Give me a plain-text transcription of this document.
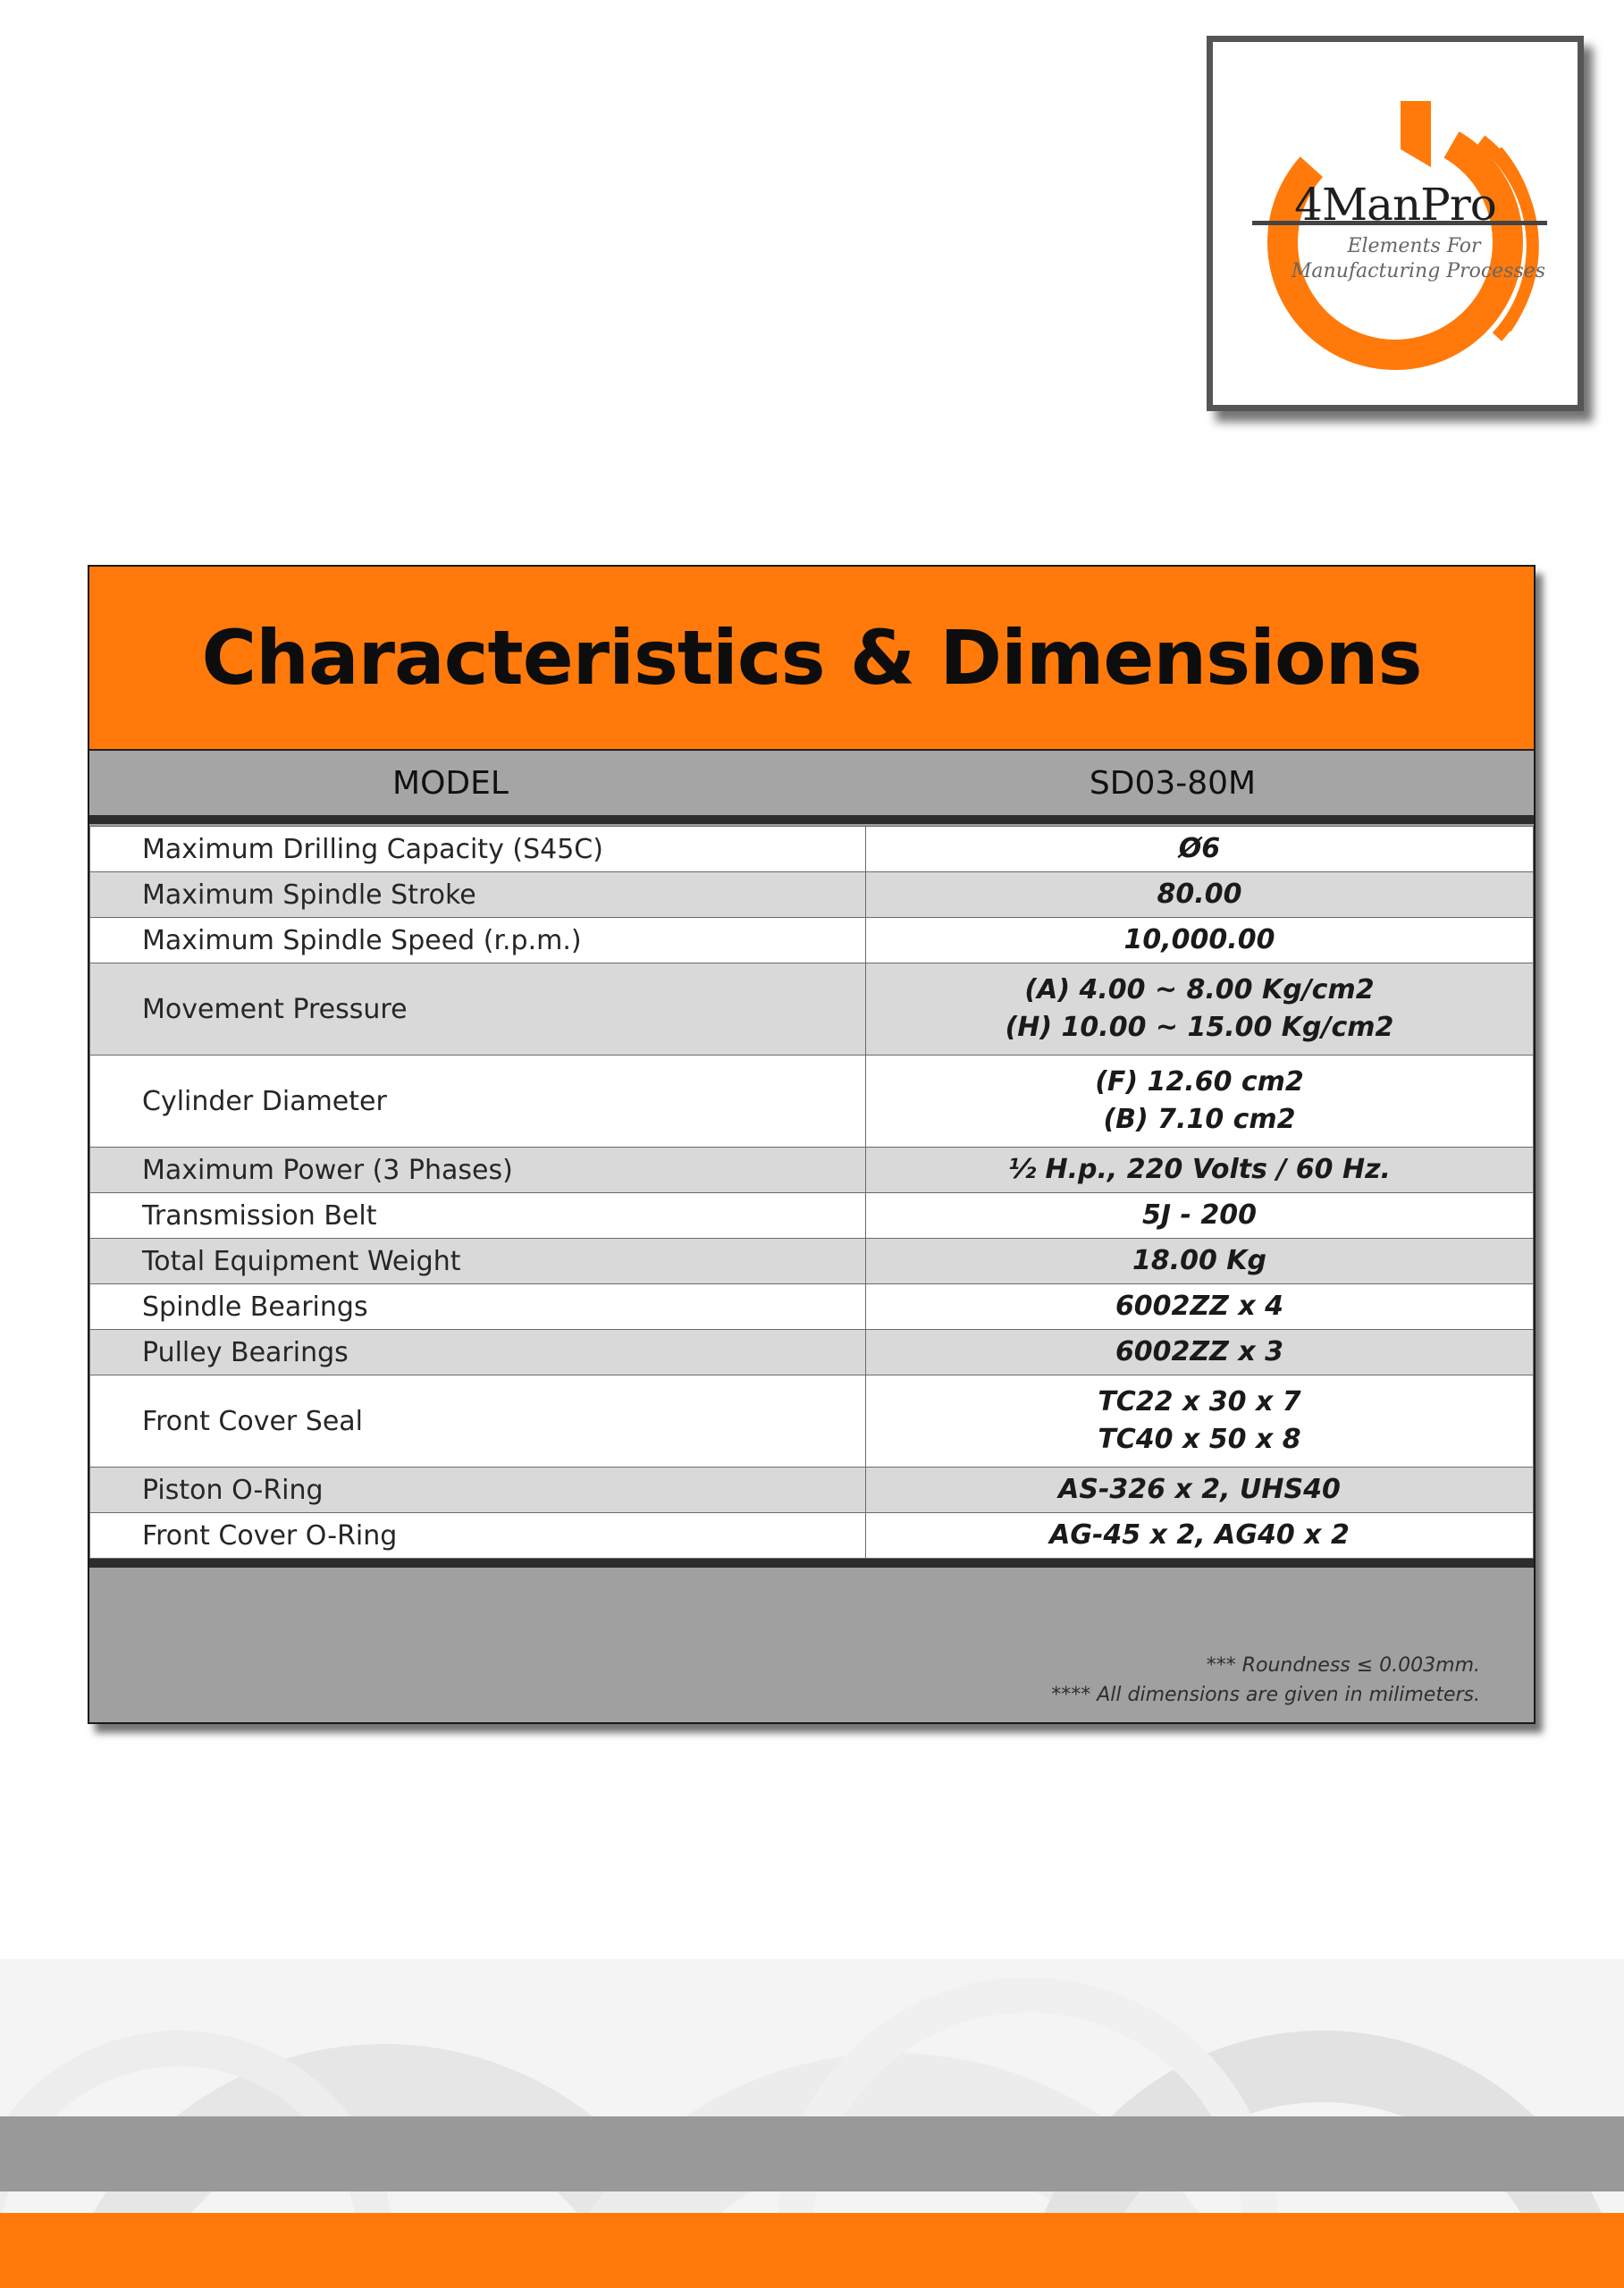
4ManPro
Elements For
Manufacturing Processes
Characteristics & Dimensions
MODEL	SD03-80M
Maximum Drilling Capacity (S45C)	Ø6

Maximum Spindle Stroke	80.00

Maximum Spindle Speed (r.p.m.)	10,000.00

Movement Pressure	(A) 4.00 ~ 8.00 Kg/cm2
(H) 10.00 ~ 15.00 Kg/cm2

Cylinder Diameter	(F) 12.60 cm2
(B) 7.10 cm2

Maximum Power (3 Phases)	½ H.p., 220 Volts / 60 Hz.

Transmission Belt	5J - 200

Total Equipment Weight	18.00 Kg

Spindle Bearings	6002ZZ x 4

Pulley Bearings	6002ZZ x 3

Front Cover Seal	TC22 x 30 x 7
TC40 x 50 x 8

Piston O-Ring	AS-326 x 2, UHS40

Front Cover O-Ring	AG-45 x 2, AG40 x 2
*** Roundness ≤ 0.003mm.
**** All dimensions are given in milimeters.
